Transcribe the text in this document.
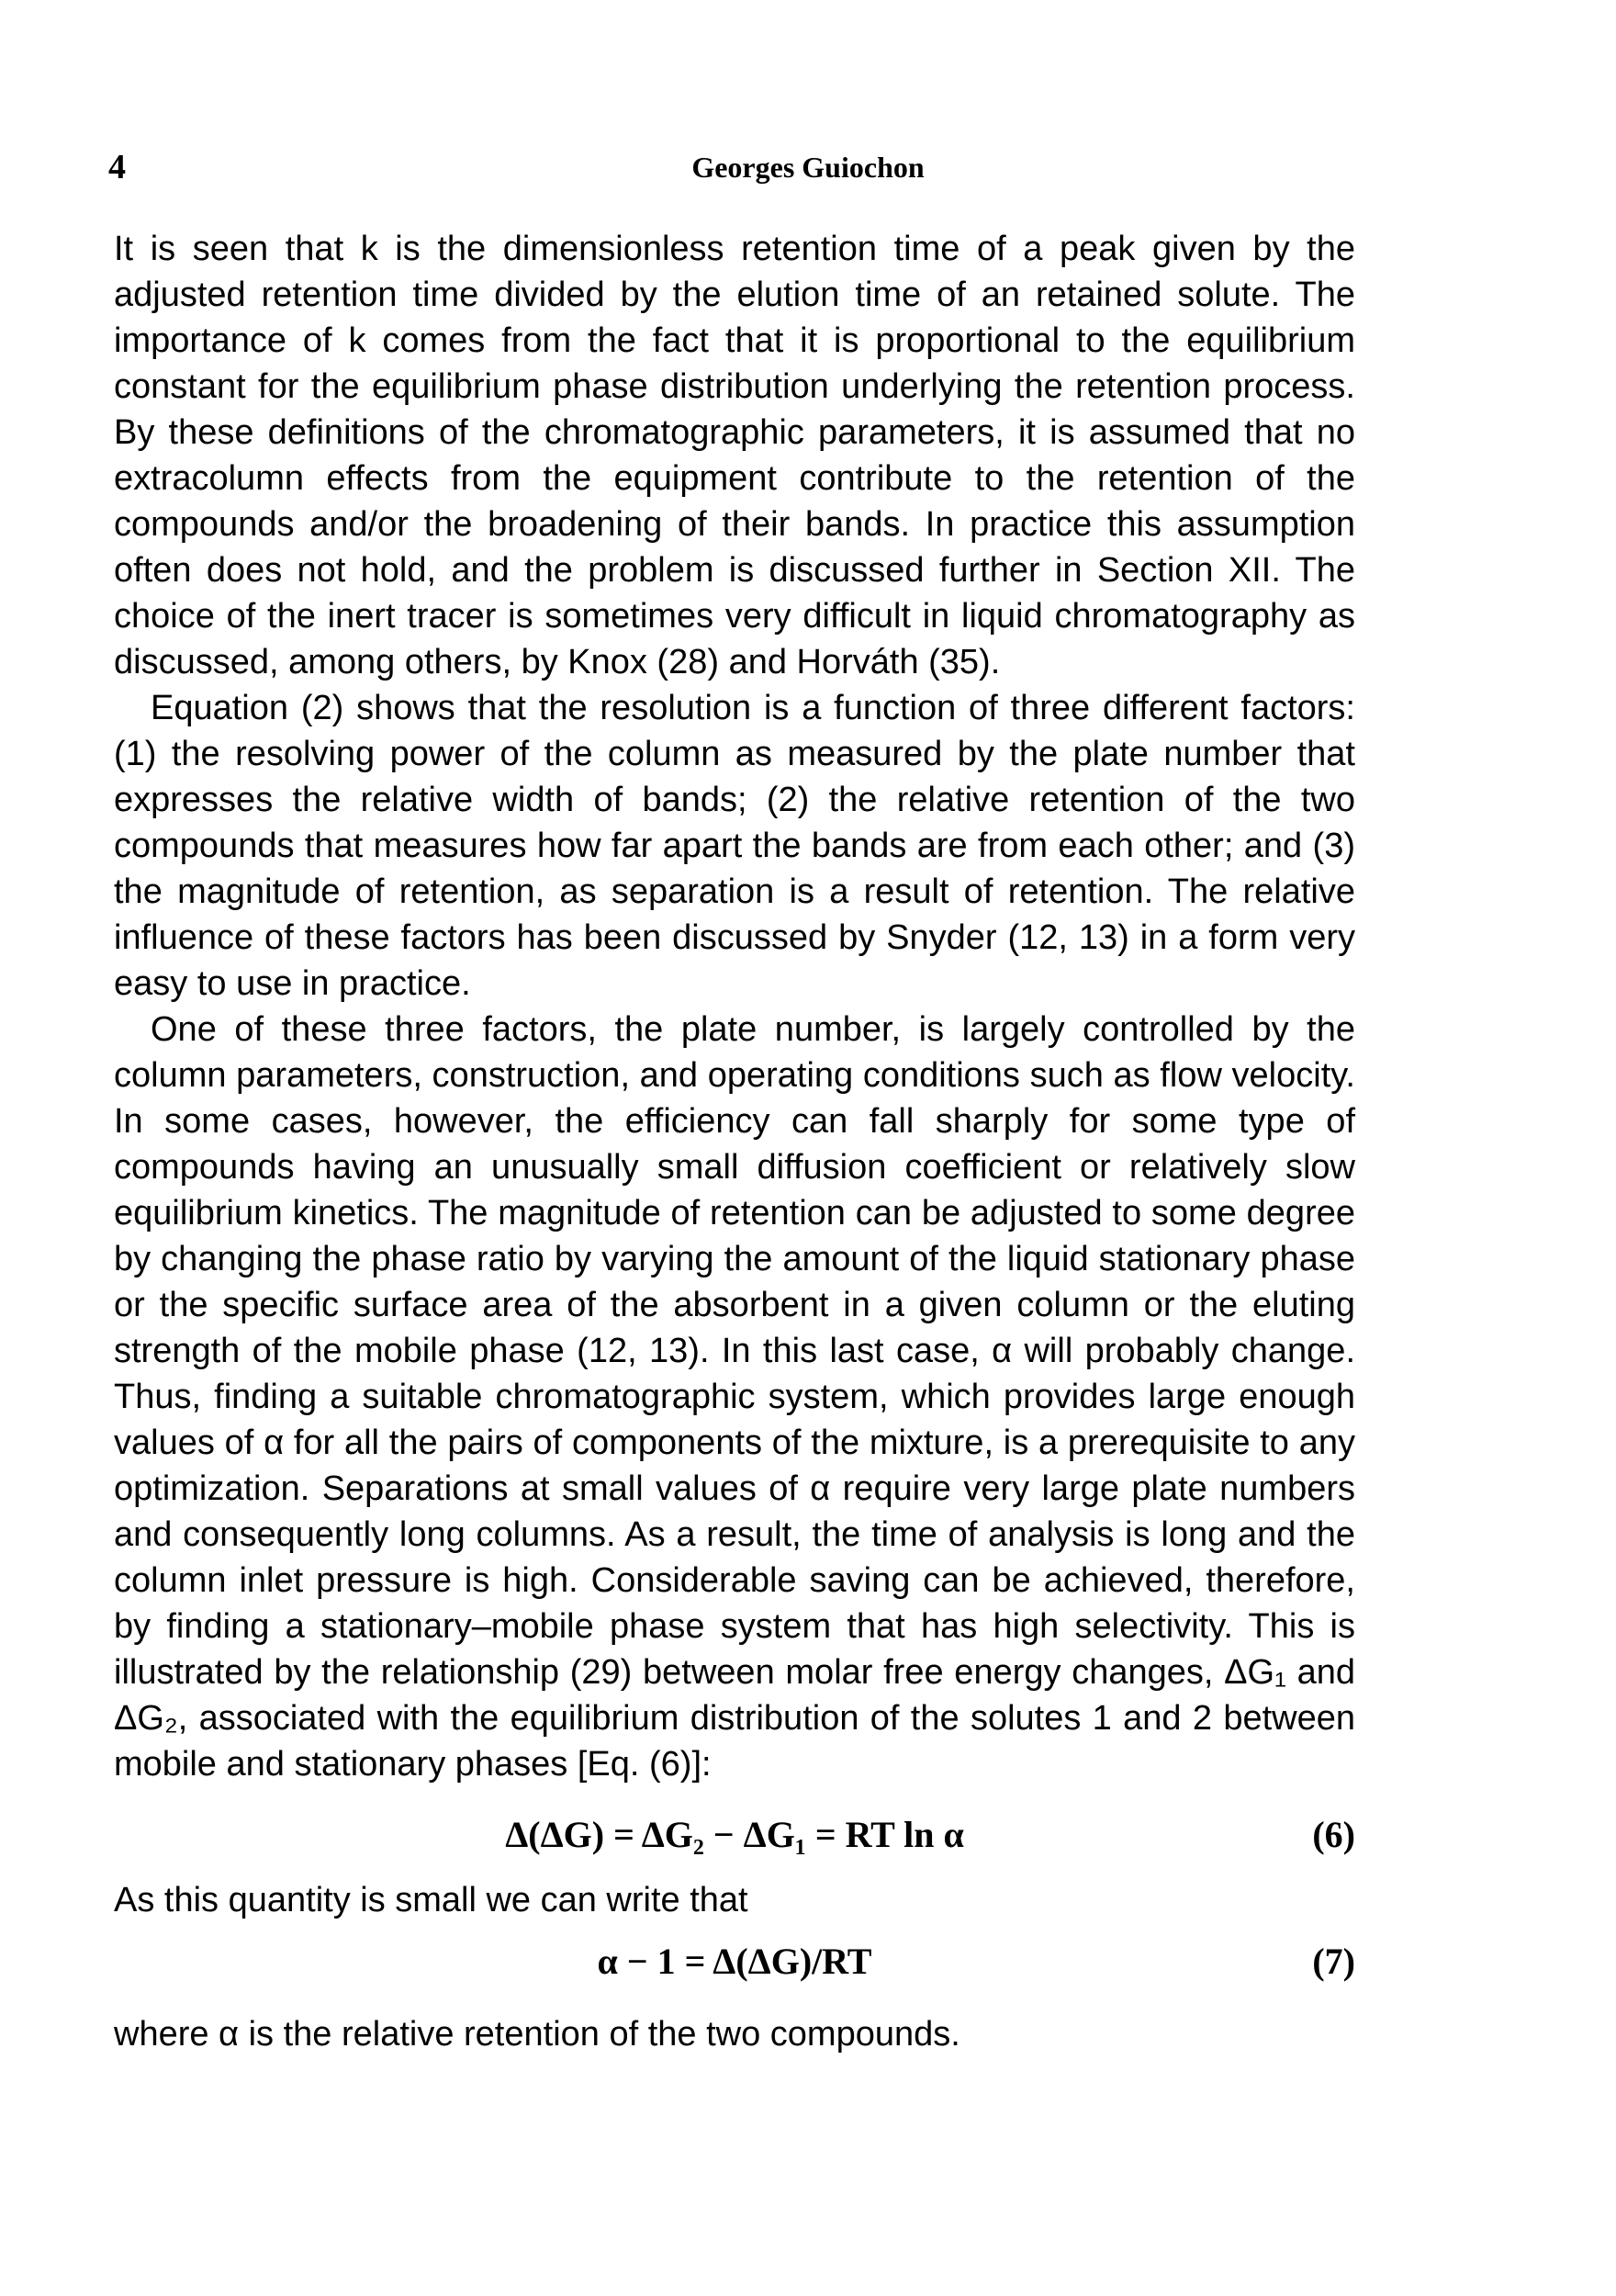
4	Georges Guiochon

It is seen that k is the dimensionless retention time of a peak given by the adjusted retention time divided by the elution time of an retained solute. The importance of k comes from the fact that it is proportional to the equilibrium constant for the equilibrium phase distribution underlying the retention process. By these definitions of the chromatographic parameters, it is assumed that no extracolumn effects from the equipment contribute to the retention of the compounds and/or the broadening of their bands. In practice this assumption often does not hold, and the problem is discussed further in Section XII. The choice of the inert tracer is sometimes very difficult in liquid chromatography as discussed, among others, by Knox (28) and Horváth (35).

Equation (2) shows that the resolution is a function of three different factors: (1) the resolving power of the column as measured by the plate number that expresses the relative width of bands; (2) the relative retention of the two compounds that measures how far apart the bands are from each other; and (3) the magnitude of retention, as separation is a result of retention. The relative influence of these factors has been discussed by Snyder (12, 13) in a form very easy to use in practice.

One of these three factors, the plate number, is largely controlled by the column parameters, construction, and operating conditions such as flow velocity. In some cases, however, the efficiency can fall sharply for some type of compounds having an unusually small diffusion coefficient or relatively slow equilibrium kinetics. The magnitude of retention can be adjusted to some degree by changing the phase ratio by varying the amount of the liquid stationary phase or the specific surface area of the absorbent in a given column or the eluting strength of the mobile phase (12, 13). In this last case, α will probably change. Thus, finding a suitable chromatographic system, which provides large enough values of α for all the pairs of components of the mixture, is a prerequisite to any optimization. Separations at small values of α require very large plate numbers and consequently long columns. As a result, the time of analysis is long and the column inlet pressure is high. Considerable saving can be achieved, therefore, by finding a stationary–mobile phase system that has high selectivity. This is illustrated by the relationship (29) between molar free energy changes, ΔG₁ and ΔG₂, associated with the equilibrium distribution of the solutes 1 and 2 between mobile and stationary phases [Eq. (6)]:

Δ(ΔG) = ΔG₂ − ΔG₁ = RT ln α	(6)

As this quantity is small we can write that

α − 1 = Δ(ΔG)/RT	(7)

where α is the relative retention of the two compounds.
